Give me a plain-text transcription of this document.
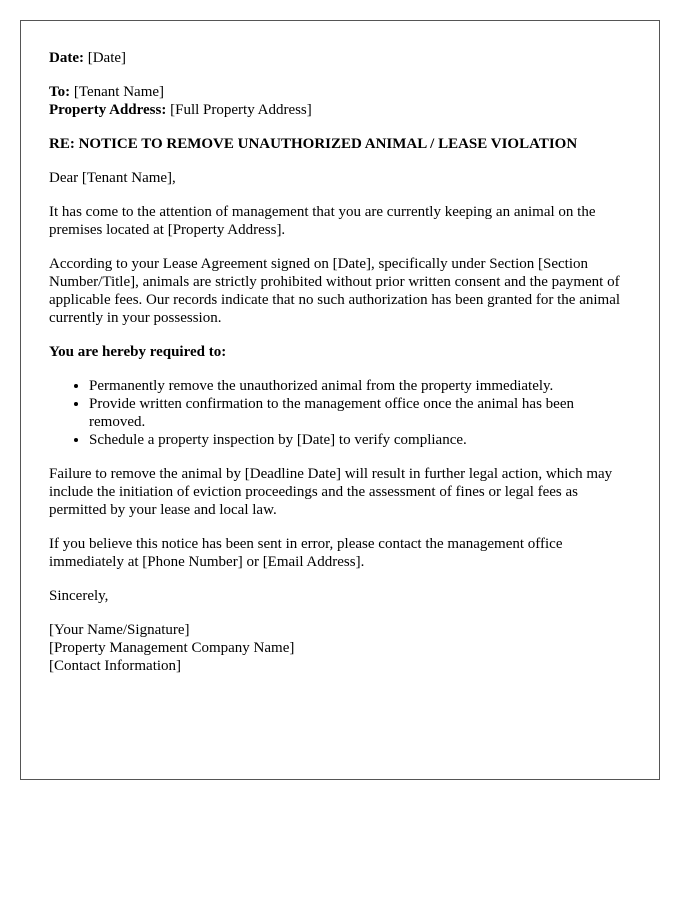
Date: [Date]

To: [Tenant Name]
Property Address: [Full Property Address]

RE: NOTICE TO REMOVE UNAUTHORIZED ANIMAL / LEASE VIOLATION

Dear [Tenant Name],

It has come to the attention of management that you are currently keeping an animal on the premises located at [Property Address].

According to your Lease Agreement signed on [Date], specifically under Section [Section Number/Title], animals are strictly prohibited without prior written consent and the payment of applicable fees. Our records indicate that no such authorization has been granted for the animal currently in your possession.

You are hereby required to:

• Permanently remove the unauthorized animal from the property immediately.
• Provide written confirmation to the management office once the animal has been removed.
• Schedule a property inspection by [Date] to verify compliance.

Failure to remove the animal by [Deadline Date] will result in further legal action, which may include the initiation of eviction proceedings and the assessment of fines or legal fees as permitted by your lease and local law.

If you believe this notice has been sent in error, please contact the management office immediately at [Phone Number] or [Email Address].

Sincerely,

[Your Name/Signature]

[Property Management Company Name]

[Contact Information]
